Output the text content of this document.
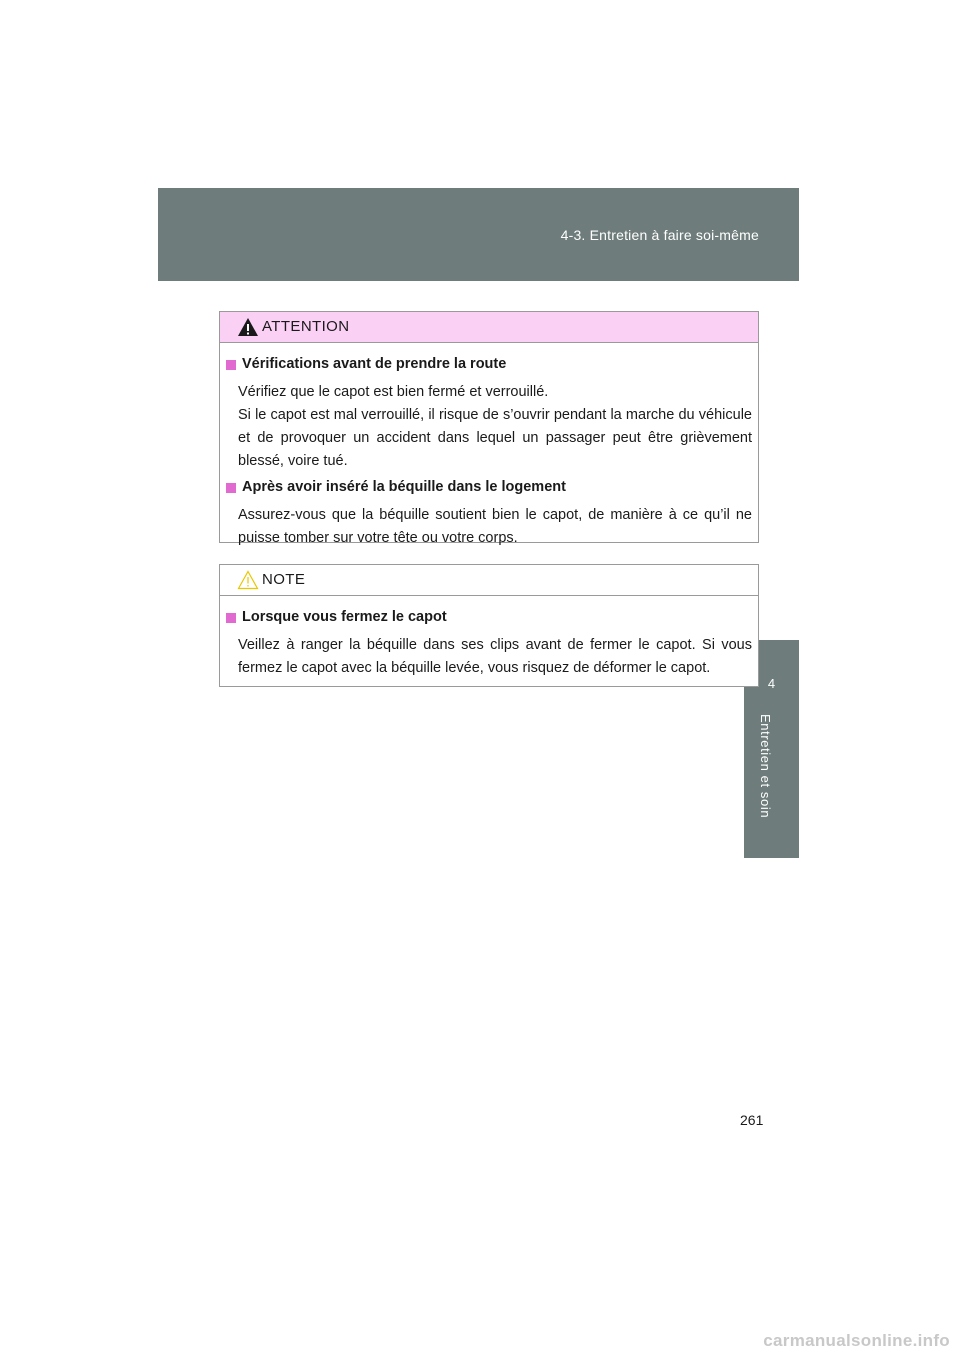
4-3. Entretien à faire soi-même
4
Entretien et soin
ATTENTION
Vérifications avant de prendre la route

Vérifiez que le capot est bien fermé et verrouillé.

Si le capot est mal verrouillé, il risque de s’ouvrir pendant la marche du véhicule et de provoquer un accident dans lequel un passager peut être grièvement blessé, voire tué.

Après avoir inséré la béquille dans le logement

Assurez-vous que la béquille soutient bien le capot, de manière à ce qu’il ne puisse tomber sur votre tête ou votre corps.

NOTE
Lorsque vous fermez le capot

Veillez à ranger la béquille dans ses clips avant de fermer le capot. Si vous fermez le capot avec la béquille levée, vous risquez de déformer le capot.

261
carmanualsonline.info
